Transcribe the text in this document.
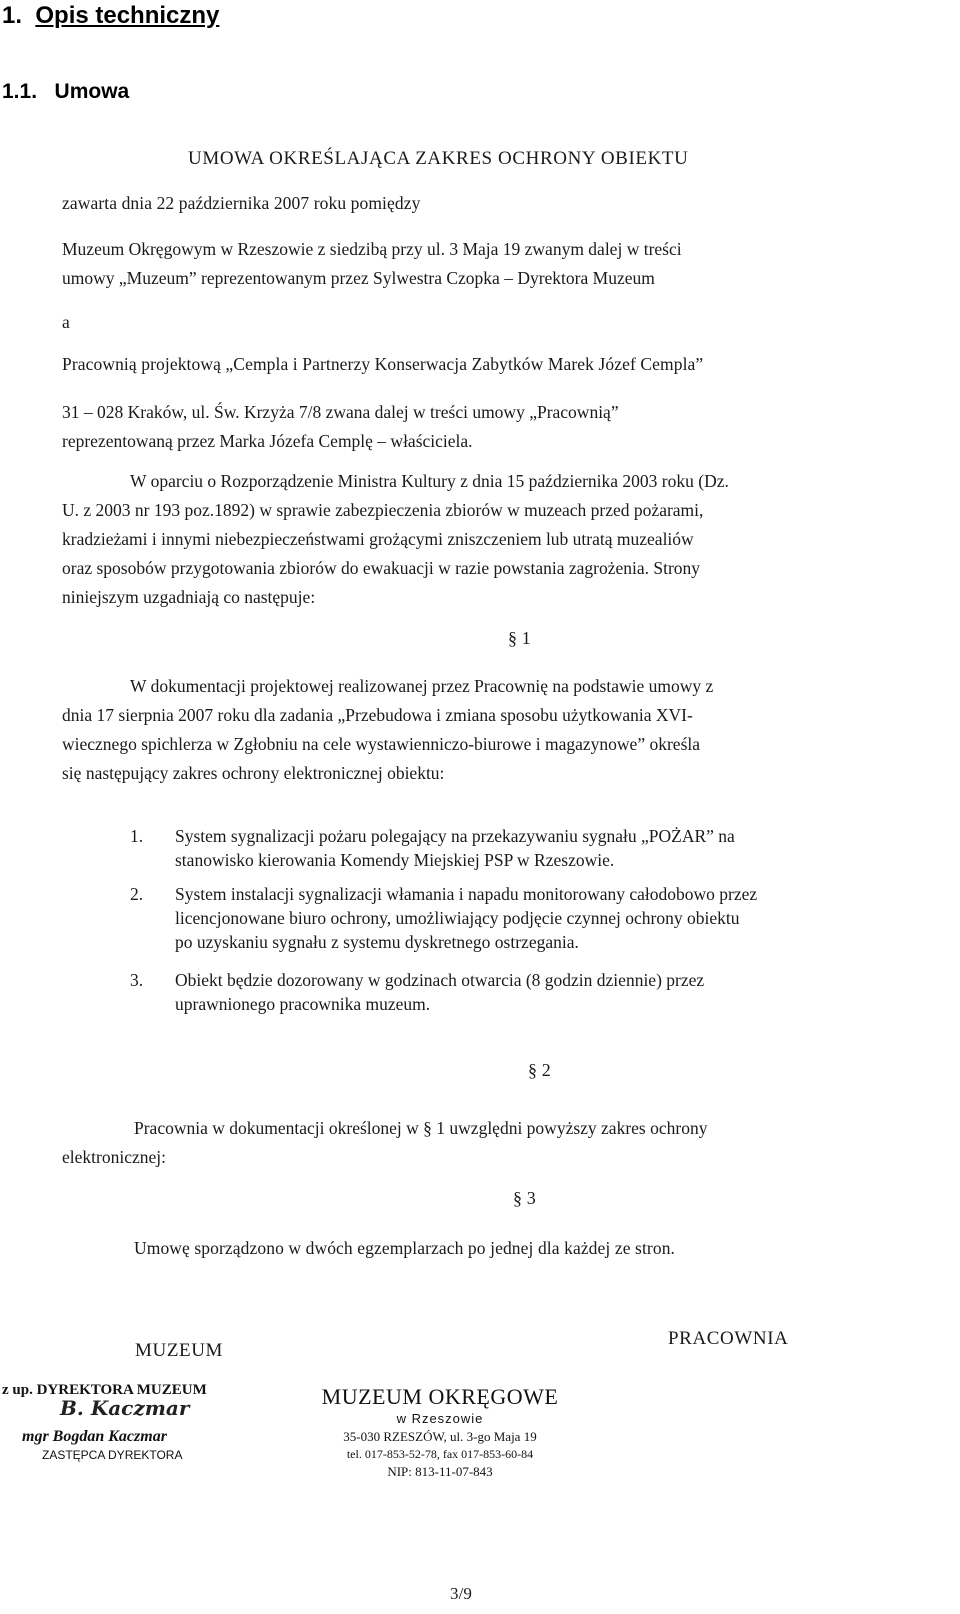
1. Opis techniczny
1.1. Umowa
UMOWA OKREŚLAJĄCA ZAKRES OCHRONY OBIEKTU
zawarta dnia 22 października 2007 roku pomiędzy
Muzeum Okręgowym w Rzeszowie z siedzibą przy ul. 3 Maja 19 zwanym dalej w treści
umowy „Muzeum” reprezentowanym przez Sylwestra Czopka – Dyrektora Muzeum
a
Pracownią projektową „Cempla i Partnerzy Konserwacja Zabytków Marek Józef Cempla”
31 – 028 Kraków, ul. Św. Krzyża 7/8 zwana dalej w treści umowy „Pracownią”
reprezentowaną przez Marka Józefa Cemplę – właściciela.
W oparciu o Rozporządzenie Ministra Kultury z dnia 15 października 2003 roku (Dz.
U. z 2003 nr 193 poz.1892) w sprawie zabezpieczenia zbiorów w muzeach przed pożarami,
kradzieżami i innymi niebezpieczeństwami grożącymi zniszczeniem lub utratą muzealiów
oraz sposobów przygotowania zbiorów do ewakuacji w razie powstania zagrożenia. Strony
niniejszym uzgadniają co następuje:
§ 1
W dokumentacji projektowej realizowanej przez Pracownię na podstawie umowy z
dnia 17 sierpnia 2007 roku dla zadania „Przebudowa i zmiana sposobu użytkowania XVI-
wiecznego spichlerza w Zgłobniu na cele wystawienniczo-biurowe i magazynowe” określa
się następujący zakres ochrony elektronicznej obiektu:
1. System sygnalizacji pożaru polegający na przekazywaniu sygnału „POŻAR” na
stanowisko kierowania Komendy Miejskiej PSP w Rzeszowie.
2. System instalacji sygnalizacji włamania i napadu monitorowany całodobowo przez
licencjonowane biuro ochrony, umożliwiający podjęcie czynnej ochrony obiektu
po uzyskaniu sygnału z systemu dyskretnego ostrzegania.
3. Obiekt będzie dozorowany w godzinach otwarcia (8 godzin dziennie) przez
uprawnionego pracownika muzeum.
§ 2
Pracownia w dokumentacji określonej w § 1 uwzględni powyższy zakres ochrony
elektronicznej:
§ 3
Umowę sporządzono w dwóch egzemplarzach po jednej dla każdej ze stron.
MUZEUM
PRACOWNIA
z up. DYREKTORA MUZEUM
B. Kaczmar
mgr Bogdan Kaczmar
ZASTĘPCA DYREKTORA
MUZEUM OKRĘGOWE
w Rzeszowie
35-030 RZESZÓW, ul. 3-go Maja 19
tel. 017-853-52-78, fax 017-853-60-84
NIP: 813-11-07-843
3/9
